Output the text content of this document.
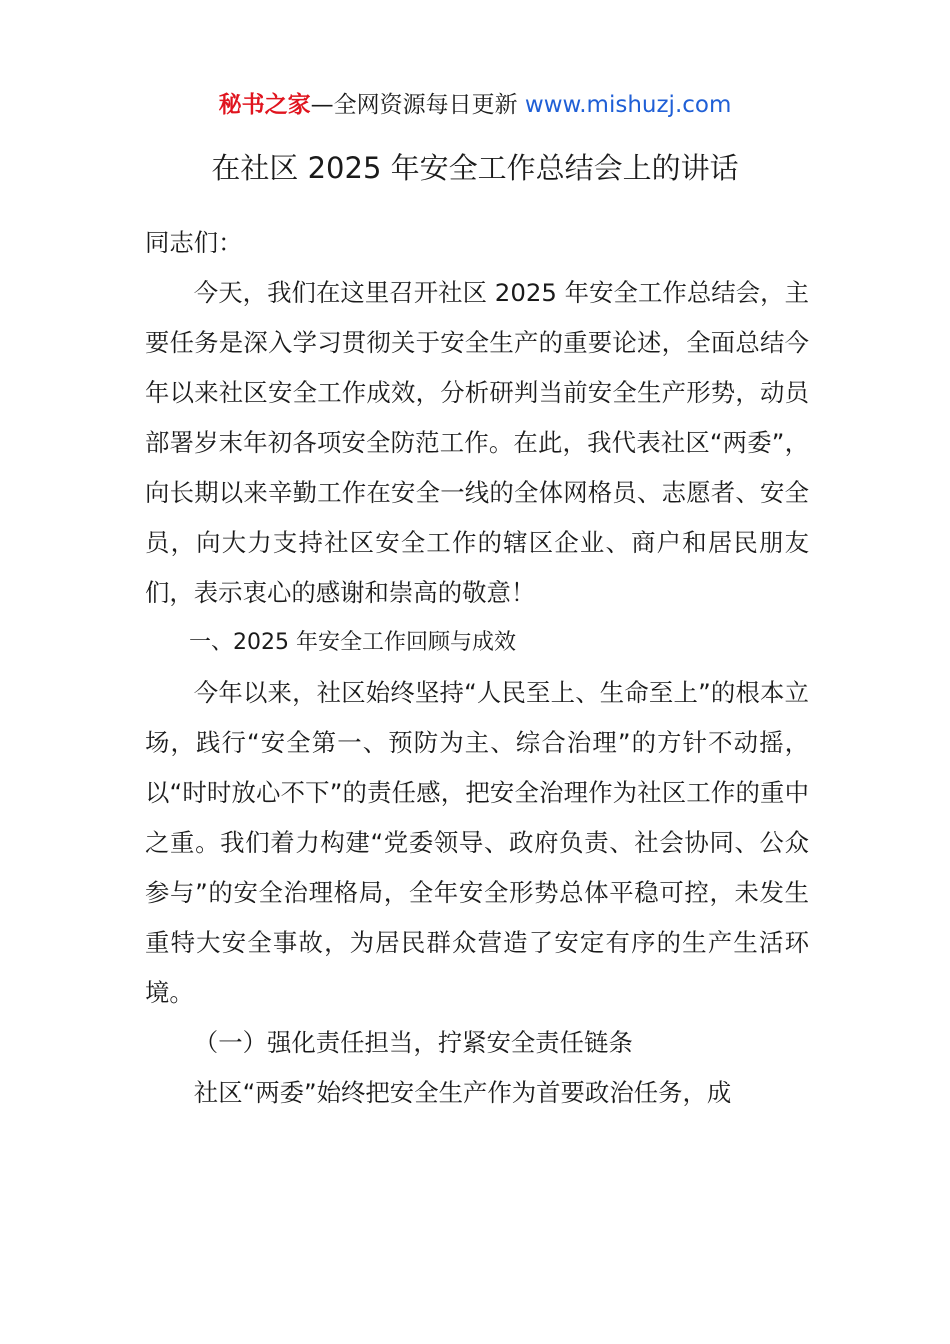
秘书之家—全网资源每日更新 www.mishuzj.com
在社区 2025 年安全工作总结会上的讲话

同志们：

今天，我们在这里召开社区 2025 年安全工作总结会，主要任务是深入学习贯彻关于安全生产的重要论述，全面总结今年以来社区安全工作成效，分析研判当前安全生产形势，动员部署岁末年初各项安全防范工作。在此，我代表社区“两委”，向长期以来辛勤工作在安全一线的全体网格员、志愿者、安全员，向大力支持社区安全工作的辖区企业、商户和居民朋友们，表示衷心的感谢和崇高的敬意！

一、2025 年安全工作回顾与成效

今年以来，社区始终坚持“人民至上、生命至上”的根本立场，践行“安全第一、预防为主、综合治理”的方针不动摇，以“时时放心不下”的责任感，把安全治理作为社区工作的重中之重。我们着力构建“党委领导、政府负责、社会协同、公众参与”的安全治理格局，全年安全形势总体平稳可控，未发生重特大安全事故，为居民群众营造了安定有序的生产生活环境。

（一）强化责任担当，拧紧安全责任链条

社区“两委”始终把安全生产作为首要政治任务，成
